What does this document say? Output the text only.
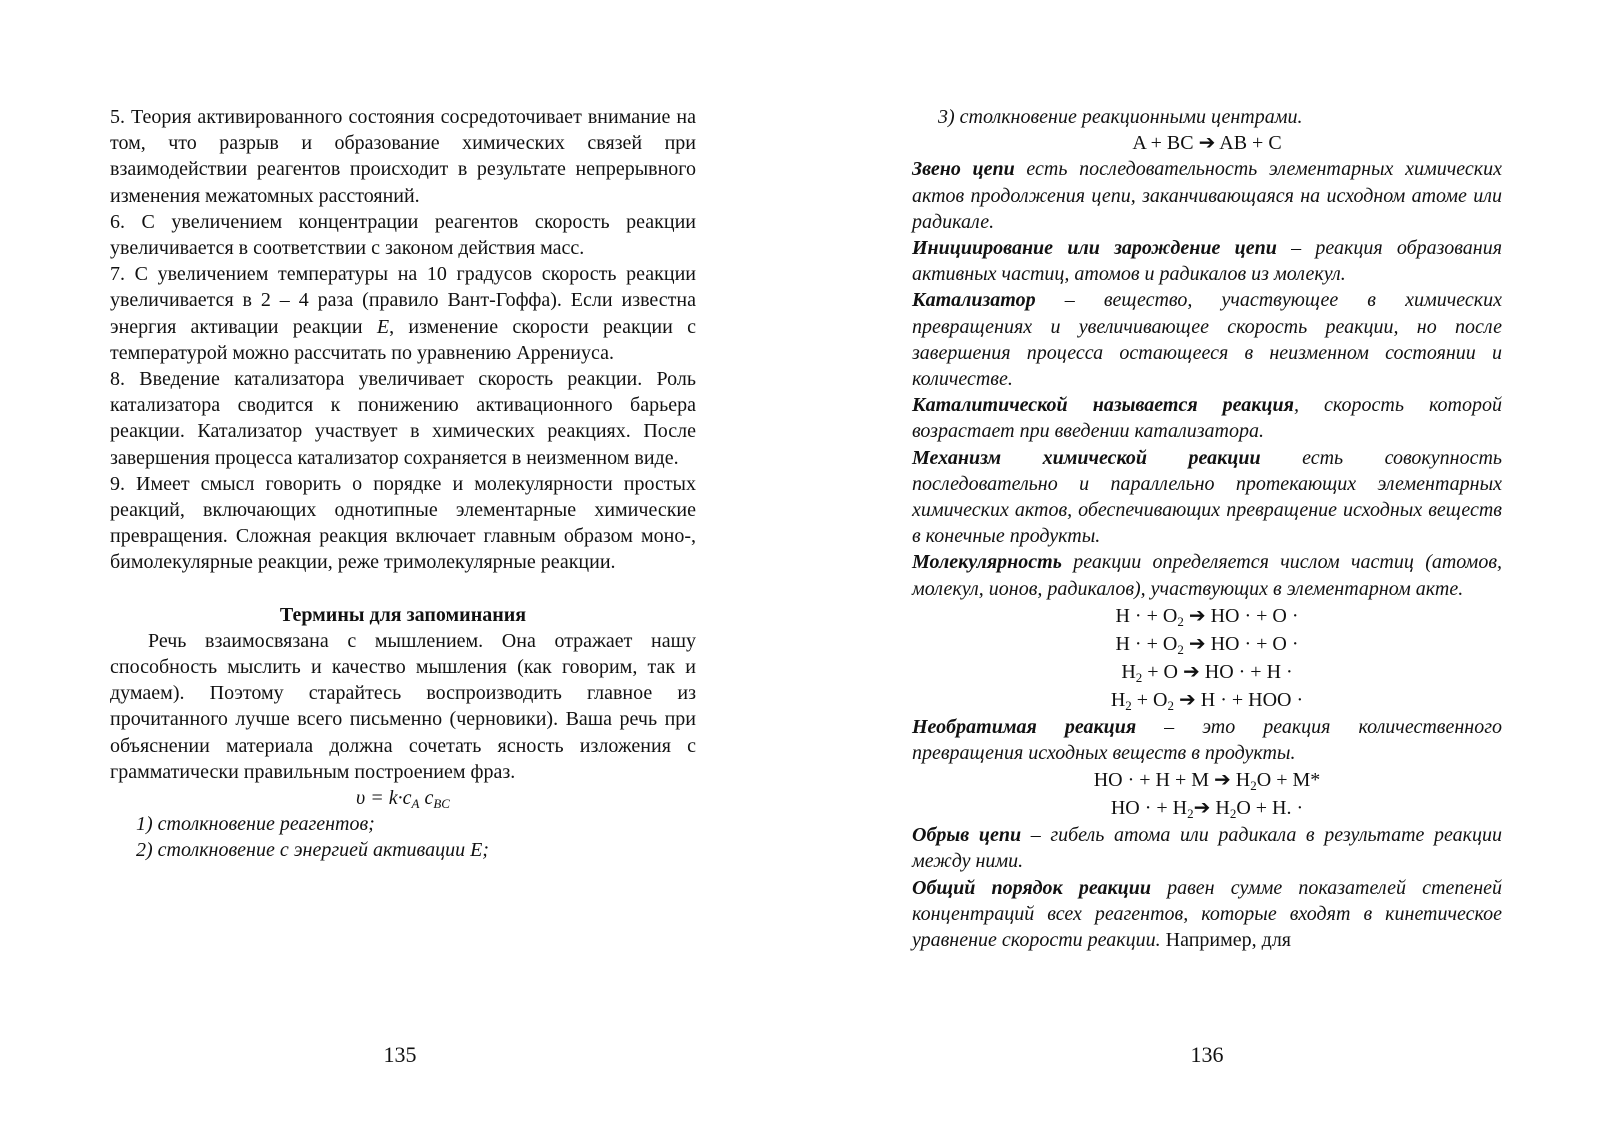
5. Теория активированного состояния сосредоточивает внимание на том, что разрыв и образование химических связей при взаимодействии реагентов происходит в результате непрерывного изменения межатомных расстояний.

6. С увеличением концентрации реагентов скорость реакции увеличивается в соответствии с законом действия масс.

7. С увеличением температуры на 10 градусов скорость реакции увеличивается в 2 – 4 раза (правило Вант-Гоффа). Если известна энергия активации реакции E, изменение скорости реакции с температурой можно рассчитать по уравнению Аррениуса.

8. Введение катализатора увеличивает скорость реакции. Роль катализатора сводится к понижению активационного барьера реакции. Катализатор участвует в химических реакциях. После завершения процесса катализатор сохраняется в неизменном виде.

9. Имеет смысл говорить о порядке и молекулярности простых реакций, включающих однотипные элементарные химические превращения. Сложная реакция включает главным образом моно-, бимолекулярные реакции, реже тримолекулярные реакции.

Термины для запоминания

Речь взаимосвязана с мышлением. Она отражает нашу способность мыслить и качество мышления (как говорим, так и думаем). Поэтому старайтесь воспроизводить главное из прочитанного лучше всего письменно (черновики). Ваша речь при объяснении материала должна сочетать ясность изложения с грамматически правильным построением фраз.

$\upsilon = k\cdot c_A$ $c_{BC}$

1) столкновение реагентов;

2) столкновение с энергией активации E;

3) столкновение реакционными центрами.

A + BC ➔ AB + C

Звено цепи есть последовательность элементарных химических актов продолжения цепи, заканчивающаяся на исходном атоме или радикале.

Инициирование или зарождение цепи – реакция образования активных частиц, атомов и радикалов из молекул.

Катализатор – вещество, участвующее в химических превращениях и увеличивающее скорость реакции, но после завершения процесса остающееся в неизменном состоянии и количестве.

Каталитической называется реакция, скорость которой возрастает при введении катализатора.

Механизм химической реакции есть совокупность последовательно и параллельно протекающих элементарных химических актов, обеспечивающих превращение исходных веществ в конечные продукты.

Молекулярность реакции определяется числом частиц (атомов, молекул, ионов, радикалов), участвующих в элементарном акте.

H · + $O_2$ ➔ HO · + O ·
H · + $O_2$ ➔ HO · + O ·
$H_2 + O$ ➔ HO · + H ·
$H_2 + O_2$ ➔ H · + HOO ·

Необратимая реакция – это реакция количественного превращения исходных веществ в продукты.

HO · + H + M ➔ $H_2O + M*$
HO · + $H_2➔$ $H_2O + H$. ·

Обрыв цепи – гибель атома или радикала в результате реакции между ними.

Общий порядок реакции равен сумме показателей степеней концентраций всех реагентов, которые входят в кинетическое уравнение скорости реакции. Например, для

135	136
